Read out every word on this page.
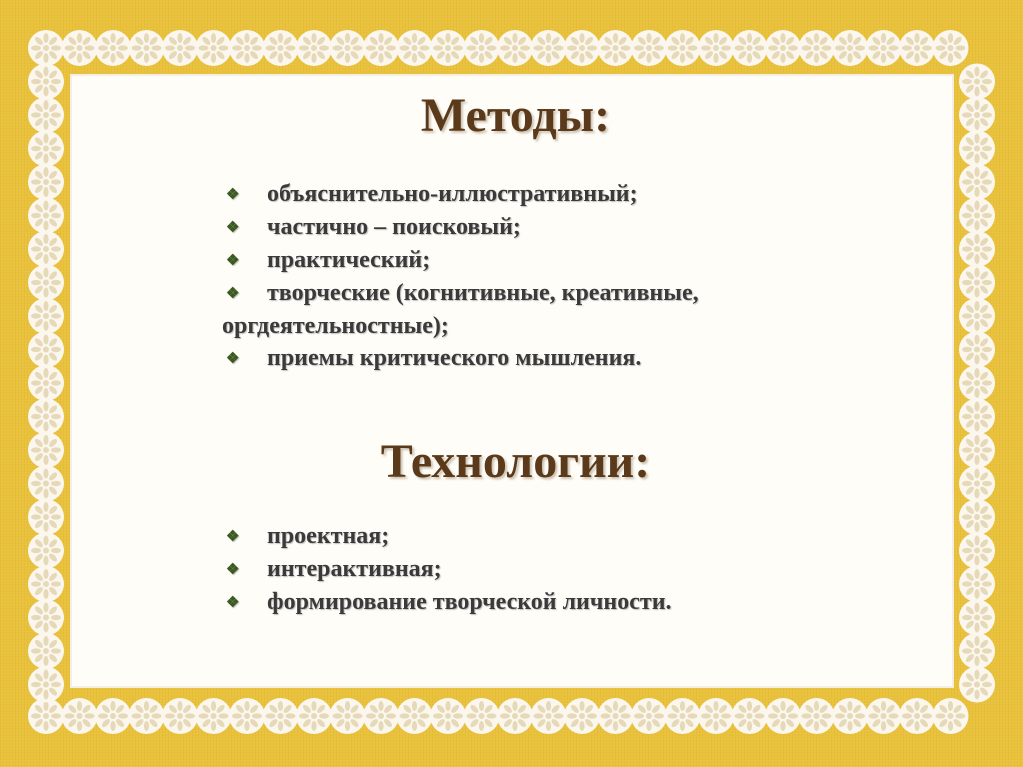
Методы:
❖ объяснительно-иллюстративный;
❖ частично – поисковый;
❖ практический;
❖ творческие (когнитивные, креативные, оргдеятельностные);
❖ приемы критического мышления.
Технологии:
❖ проектная;
❖ интерактивная;
❖ формирование творческой личности.
